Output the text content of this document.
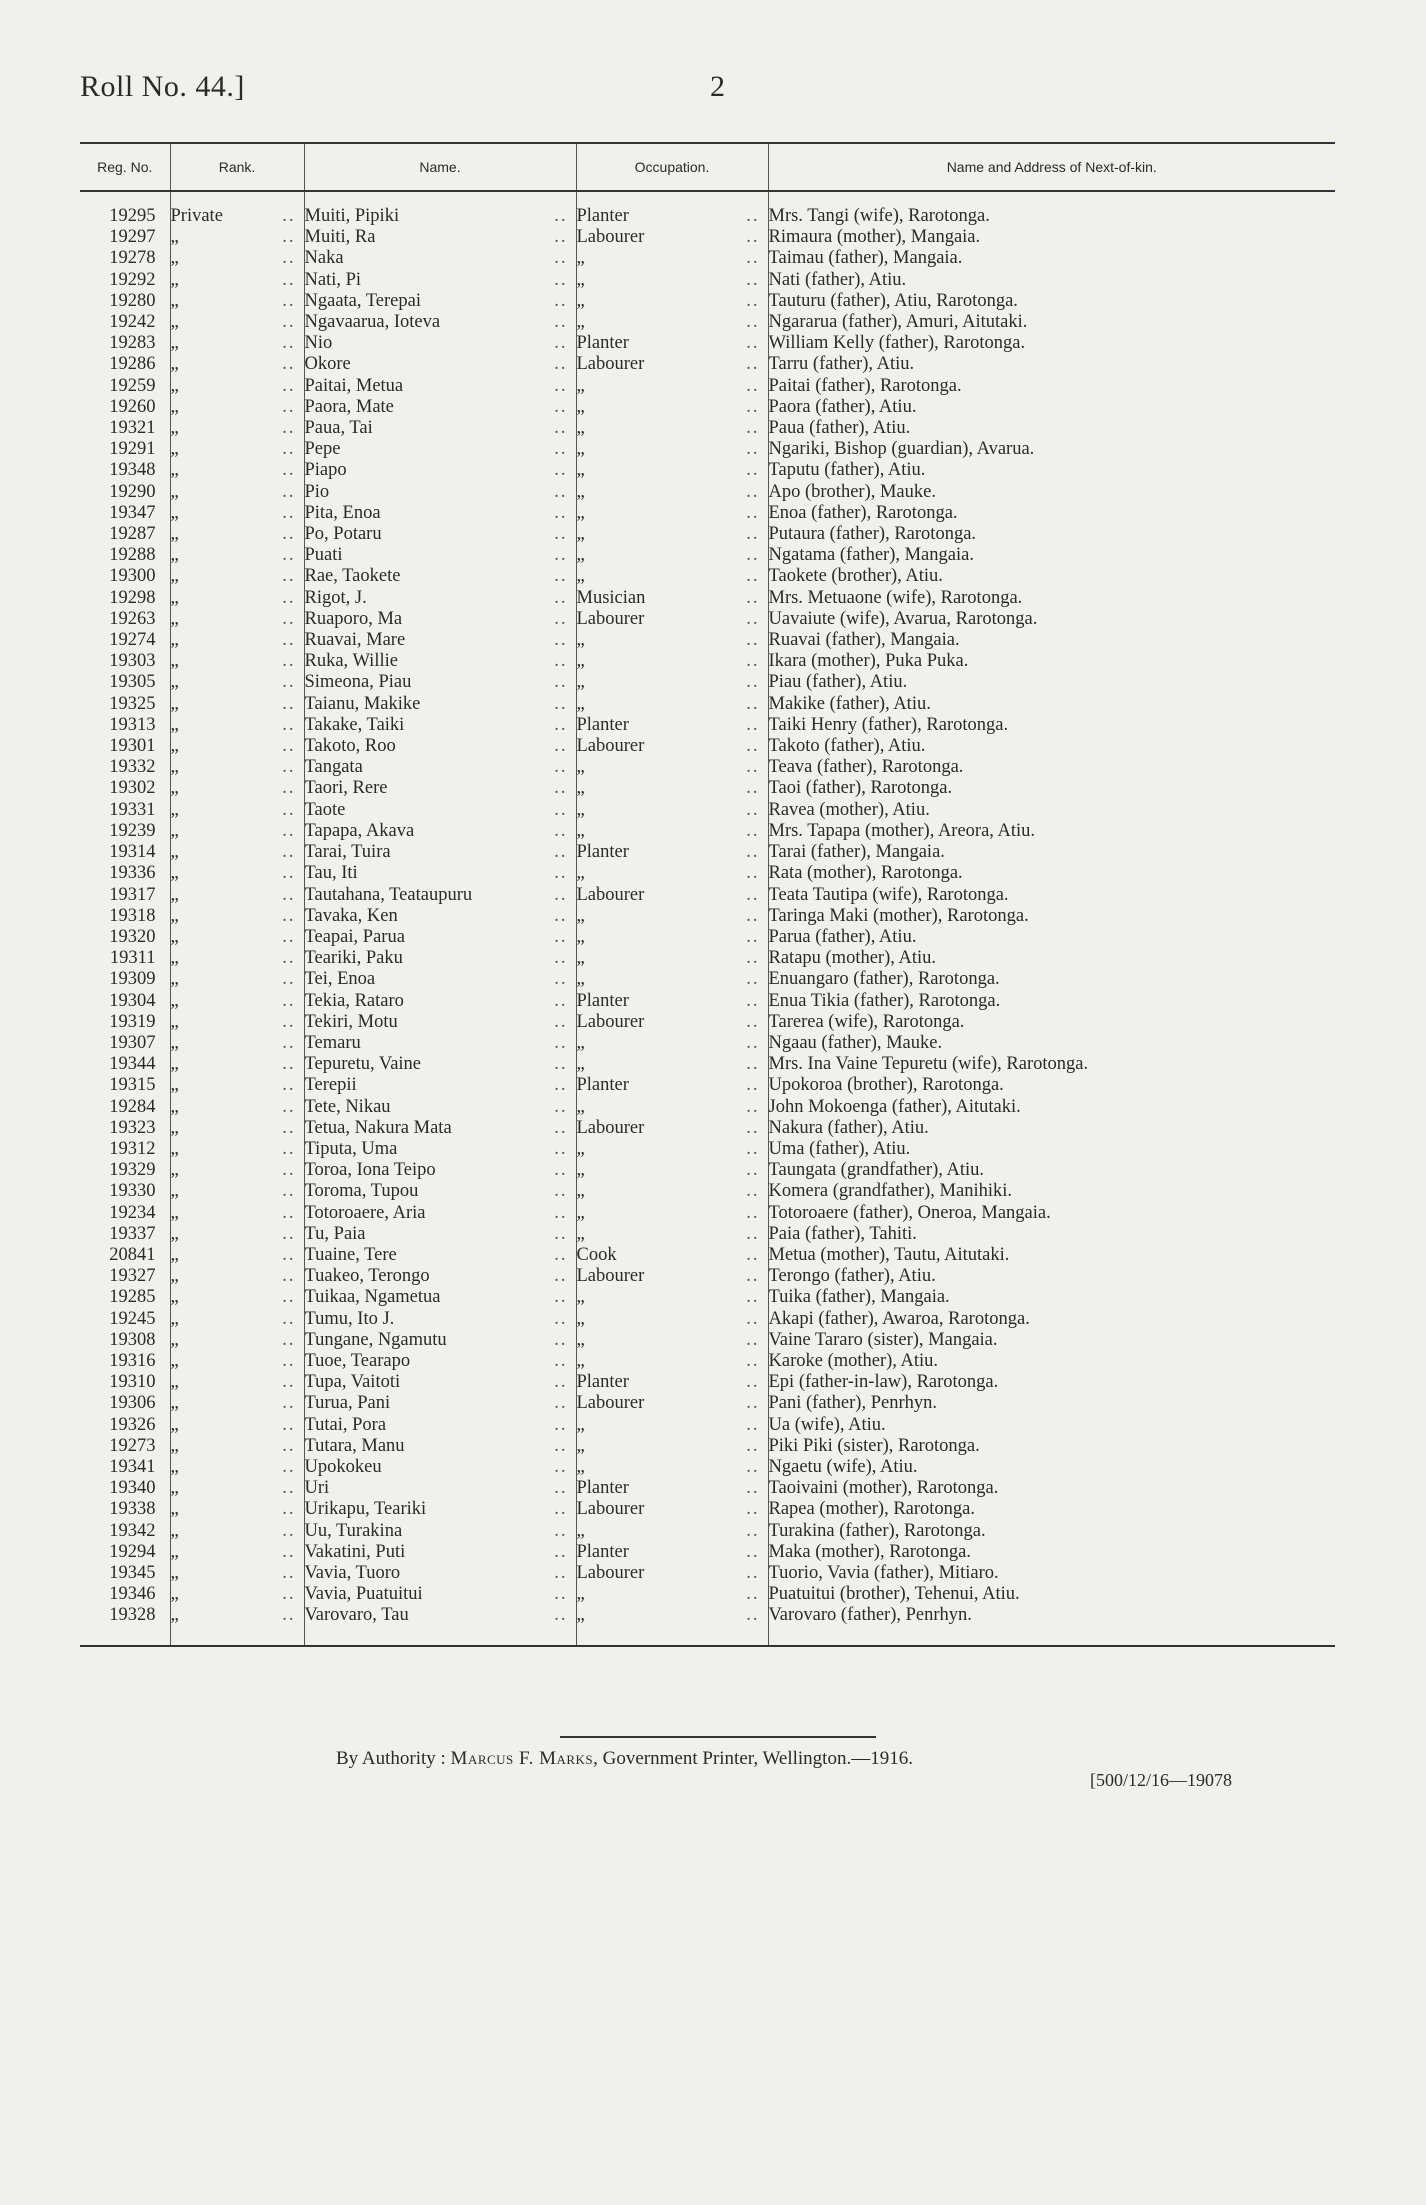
Roll No. 44.]	2
Reg. No.	Rank.	Name.	Occupation.	Name and Address of Next-of-kin.
19295	Private ..	Muiti, Pipiki ..	Planter ..	Mrs. Tangi (wife), Rarotonga.
19297	„ ..	Muiti, Ra ..	Labourer ..	Rimaura (mother), Mangaia.
19278	„ ..	Naka ..	„ ..	Taimau (father), Mangaia.
19292	„ ..	Nati, Pi ..	„ ..	Nati (father), Atiu.
19280	„ ..	Ngaata, Terepai ..	„ ..	Tauturu (father), Atiu, Rarotonga.
19242	„ ..	Ngavaarua, Ioteva ..	„ ..	Ngararua (father), Amuri, Aitutaki.
19283	„ ..	Nio ..	Planter ..	William Kelly (father), Rarotonga.
19286	„ ..	Okore ..	Labourer ..	Tarru (father), Atiu.
19259	„ ..	Paitai, Metua ..	„ ..	Paitai (father), Rarotonga.
19260	„ ..	Paora, Mate ..	„ ..	Paora (father), Atiu.
19321	„ ..	Paua, Tai ..	„ ..	Paua (father), Atiu.
19291	„ ..	Pepe ..	„ ..	Ngariki, Bishop (guardian), Avarua.
19348	„ ..	Piapo ..	„ ..	Taputu (father), Atiu.
19290	„ ..	Pio ..	„ ..	Apo (brother), Mauke.
19347	„ ..	Pita, Enoa ..	„ ..	Enoa (father), Rarotonga.
19287	„ ..	Po, Potaru ..	„ ..	Putaura (father), Rarotonga.
19288	„ ..	Puati ..	„ ..	Ngatama (father), Mangaia.
19300	„ ..	Rae, Taokete ..	„ ..	Taokete (brother), Atiu.
19298	„ ..	Rigot, J. ..	Musician ..	Mrs. Metuaone (wife), Rarotonga.
19263	„ ..	Ruaporo, Ma ..	Labourer ..	Uavaiute (wife), Avarua, Rarotonga.
19274	„ ..	Ruavai, Mare ..	„ ..	Ruavai (father), Mangaia.
19303	„ ..	Ruka, Willie ..	„ ..	Ikara (mother), Puka Puka.
19305	„ ..	Simeona, Piau ..	„ ..	Piau (father), Atiu.
19325	„ ..	Taianu, Makike ..	„ ..	Makike (father), Atiu.
19313	„ ..	Takake, Taiki ..	Planter ..	Taiki Henry (father), Rarotonga.
19301	„ ..	Takoto, Roo ..	Labourer ..	Takoto (father), Atiu.
19332	„ ..	Tangata ..	„ ..	Teava (father), Rarotonga.
19302	„ ..	Taori, Rere ..	„ ..	Taoi (father), Rarotonga.
19331	„ ..	Taote ..	„ ..	Ravea (mother), Atiu.
19239	„ ..	Tapapa, Akava ..	„ ..	Mrs. Tapapa (mother), Areora, Atiu.
19314	„ ..	Tarai, Tuira ..	Planter ..	Tarai (father), Mangaia.
19336	„ ..	Tau, Iti ..	„ ..	Rata (mother), Rarotonga.
19317	„ ..	Tautahana, Teataupuru ..	Labourer ..	Teata Tautipa (wife), Rarotonga.
19318	„ ..	Tavaka, Ken ..	„ ..	Taringa Maki (mother), Rarotonga.
19320	„ ..	Teapai, Parua ..	„ ..	Parua (father), Atiu.
19311	„ ..	Teariki, Paku ..	„ ..	Ratapu (mother), Atiu.
19309	„ ..	Tei, Enoa ..	„ ..	Enuangaro (father), Rarotonga.
19304	„ ..	Tekia, Rataro ..	Planter ..	Enua Tikia (father), Rarotonga.
19319	„ ..	Tekiri, Motu ..	Labourer ..	Tarerea (wife), Rarotonga.
19307	„ ..	Temaru ..	„ ..	Ngaau (father), Mauke.
19344	„ ..	Tepuretu, Vaine ..	„ ..	Mrs. Ina Vaine Tepuretu (wife), Rarotonga.
19315	„ ..	Terepii ..	Planter ..	Upokoroa (brother), Rarotonga.
19284	„ ..	Tete, Nikau ..	„ ..	John Mokoenga (father), Aitutaki.
19323	„ ..	Tetua, Nakura Mata ..	Labourer ..	Nakura (father), Atiu.
19312	„ ..	Tiputa, Uma ..	„ ..	Uma (father), Atiu.
19329	„ ..	Toroa, Iona Teipo ..	„ ..	Taungata (grandfather), Atiu.
19330	„ ..	Toroma, Tupou ..	„ ..	Komera (grandfather), Manihiki.
19234	„ ..	Totoroaere, Aria ..	„ ..	Totoroaere (father), Oneroa, Mangaia.
19337	„ ..	Tu, Paia ..	„ ..	Paia (father), Tahiti.
20841	„ ..	Tuaine, Tere ..	Cook ..	Metua (mother), Tautu, Aitutaki.
19327	„ ..	Tuakeo, Terongo ..	Labourer ..	Terongo (father), Atiu.
19285	„ ..	Tuikaa, Ngametua ..	„ ..	Tuika (father), Mangaia.
19245	„ ..	Tumu, Ito J. ..	„ ..	Akapi (father), Awaroa, Rarotonga.
19308	„ ..	Tungane, Ngamutu ..	„ ..	Vaine Tararo (sister), Mangaia.
19316	„ ..	Tuoe, Tearapo ..	„ ..	Karoke (mother), Atiu.
19310	„ ..	Tupa, Vaitoti ..	Planter ..	Epi (father-in-law), Rarotonga.
19306	„ ..	Turua, Pani ..	Labourer ..	Pani (father), Penrhyn.
19326	„ ..	Tutai, Pora ..	„ ..	Ua (wife), Atiu.
19273	„ ..	Tutara, Manu ..	„ ..	Piki Piki (sister), Rarotonga.
19341	„ ..	Upokokeu ..	„ ..	Ngaetu (wife), Atiu.
19340	„ ..	Uri ..	Planter ..	Taoivaini (mother), Rarotonga.
19338	„ ..	Urikapu, Teariki ..	Labourer ..	Rapea (mother), Rarotonga.
19342	„ ..	Uu, Turakina ..	„ ..	Turakina (father), Rarotonga.
19294	„ ..	Vakatini, Puti ..	Planter ..	Maka (mother), Rarotonga.
19345	„ ..	Vavia, Tuoro ..	Labourer ..	Tuorio, Vavia (father), Mitiaro.
19346	„ ..	Vavia, Puatuitui ..	„ ..	Puatuitui (brother), Tehenui, Atiu.
19328	„ ..	Varovaro, Tau ..	„ ..	Varovaro (father), Penrhyn.

By Authority : Marcus F. Marks, Government Printer, Wellington.—1916.
[500/12/16—19078
